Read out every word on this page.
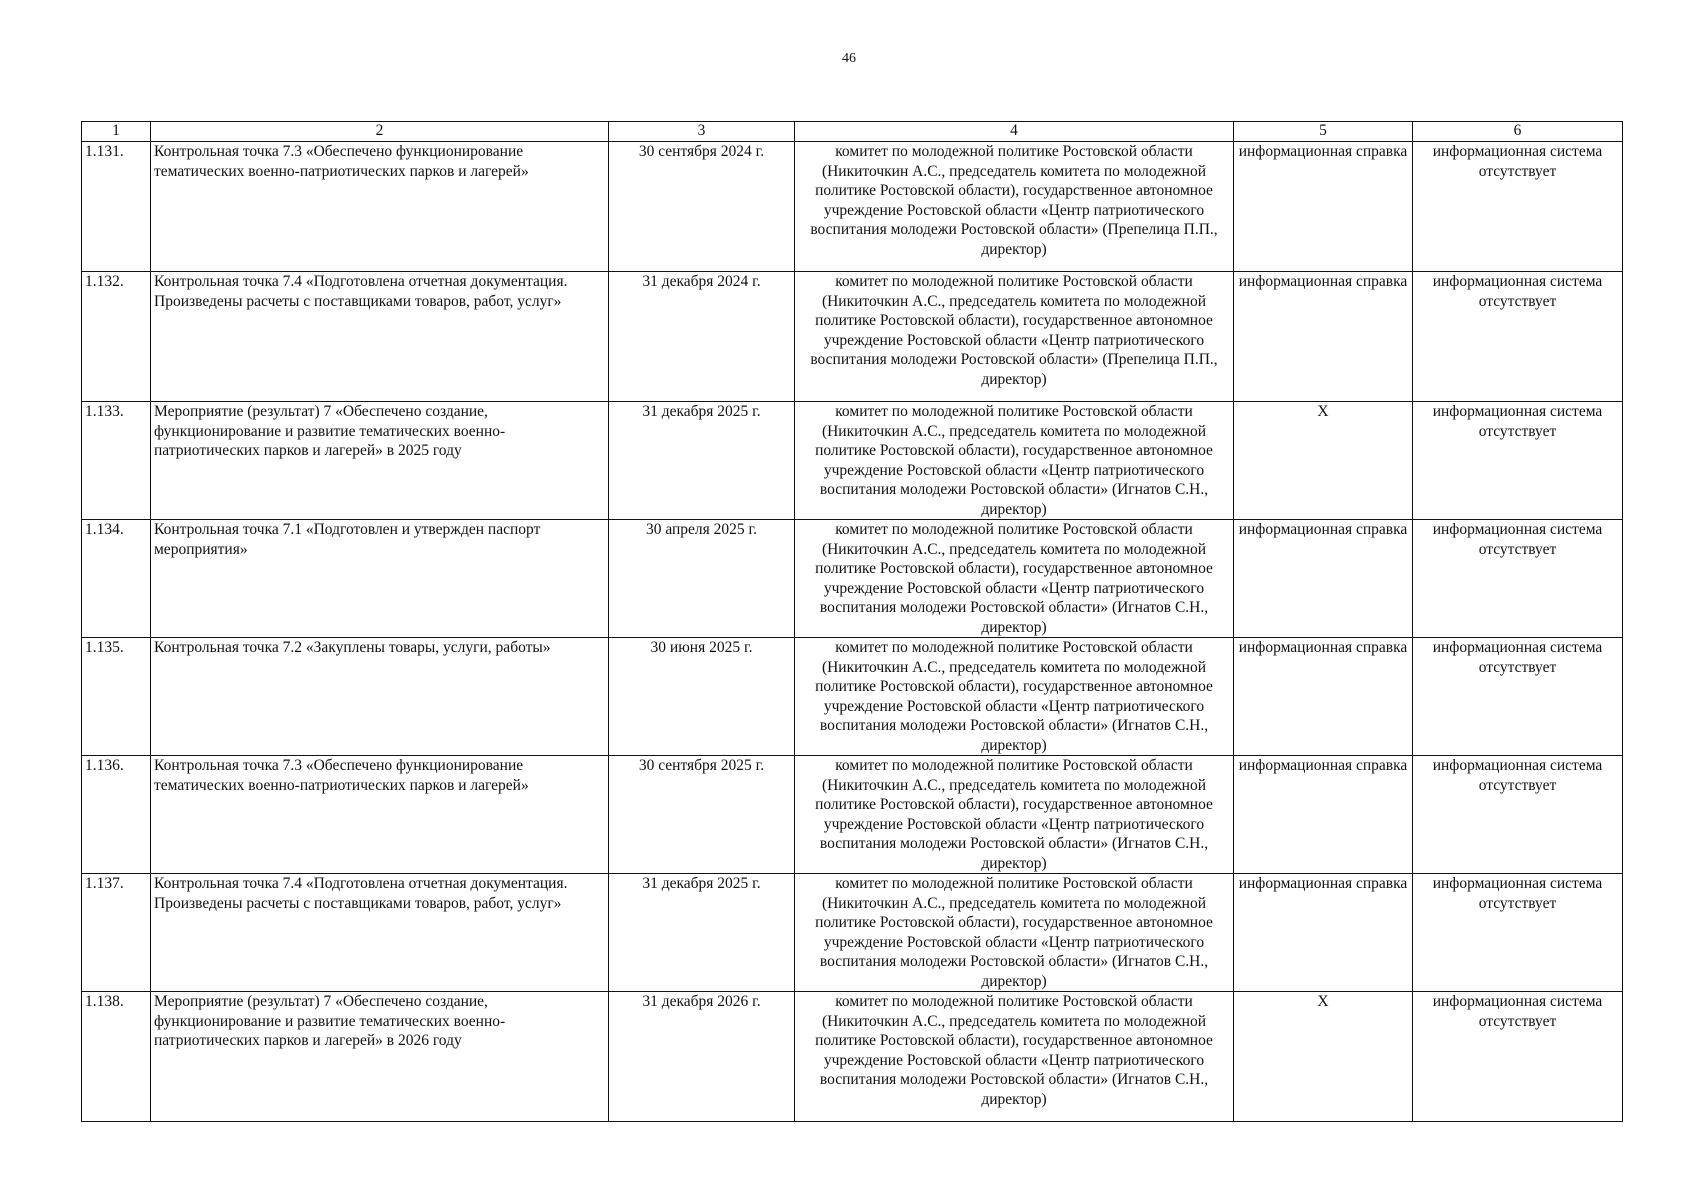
46
1	2	3	4	5	6
1.131.	Контрольная точка 7.3 «Обеспечено функционирование тематических военно-патриотических парков и лагерей»	30 сентября 2024 г.	комитет по молодежной политике Ростовской области (Никиточкин А.С., председатель комитета по молодежной политике Ростовской области), государственное автономное учреждение Ростовской области «Центр патриотического воспитания молодежи Ростовской области» (Препелица П.П., директор)	информационная справка	информационная система отсутствует
1.132.	Контрольная точка 7.4 «Подготовлена отчетная документация. Произведены расчеты с поставщиками товаров, работ, услуг»	31 декабря 2024 г.	комитет по молодежной политике Ростовской области (Никиточкин А.С., председатель комитета по молодежной политике Ростовской области), государственное автономное учреждение Ростовской области «Центр патриотического воспитания молодежи Ростовской области» (Препелица П.П., директор)	информационная справка	информационная система отсутствует
1.133.	Мероприятие (результат) 7 «Обеспечено создание, функционирование и развитие тематических военно-патриотических парков и лагерей» в 2025 году	31 декабря 2025 г.	комитет по молодежной политике Ростовской области (Никиточкин А.С., председатель комитета по молодежной политике Ростовской области), государственное автономное учреждение Ростовской области «Центр патриотического воспитания молодежи Ростовской области» (Игнатов С.Н., директор)	Х	информационная система отсутствует
1.134.	Контрольная точка 7.1 «Подготовлен и утвержден паспорт мероприятия»	30 апреля 2025 г.	комитет по молодежной политике Ростовской области (Никиточкин А.С., председатель комитета по молодежной политике Ростовской области), государственное автономное учреждение Ростовской области «Центр патриотического воспитания молодежи Ростовской области» (Игнатов С.Н., директор)	информационная справка	информационная система отсутствует
1.135.	Контрольная точка 7.2 «Закуплены товары, услуги, работы»	30 июня 2025 г.	комитет по молодежной политике Ростовской области (Никиточкин А.С., председатель комитета по молодежной политике Ростовской области), государственное автономное учреждение Ростовской области «Центр патриотического воспитания молодежи Ростовской области» (Игнатов С.Н., директор)	информационная справка	информационная система отсутствует
1.136.	Контрольная точка 7.3 «Обеспечено функционирование тематических военно-патриотических парков и лагерей»	30 сентября 2025 г.	комитет по молодежной политике Ростовской области (Никиточкин А.С., председатель комитета по молодежной политике Ростовской области), государственное автономное учреждение Ростовской области «Центр патриотического воспитания молодежи Ростовской области» (Игнатов С.Н., директор)	информационная справка	информационная система отсутствует
1.137.	Контрольная точка 7.4 «Подготовлена отчетная документация. Произведены расчеты с поставщиками товаров, работ, услуг»	31 декабря 2025 г.	комитет по молодежной политике Ростовской области (Никиточкин А.С., председатель комитета по молодежной политике Ростовской области), государственное автономное учреждение Ростовской области «Центр патриотического воспитания молодежи Ростовской области» (Игнатов С.Н., директор)	информационная справка	информационная система отсутствует
1.138.	Мероприятие (результат) 7 «Обеспечено создание, функционирование и развитие тематических военно-патриотических парков и лагерей» в 2026 году	31 декабря 2026 г.	комитет по молодежной политике Ростовской области (Никиточкин А.С., председатель комитета по молодежной политике Ростовской области), государственное автономное учреждение Ростовской области «Центр патриотического воспитания молодежи Ростовской области» (Игнатов С.Н., директор)	Х	информационная система отсутствует
